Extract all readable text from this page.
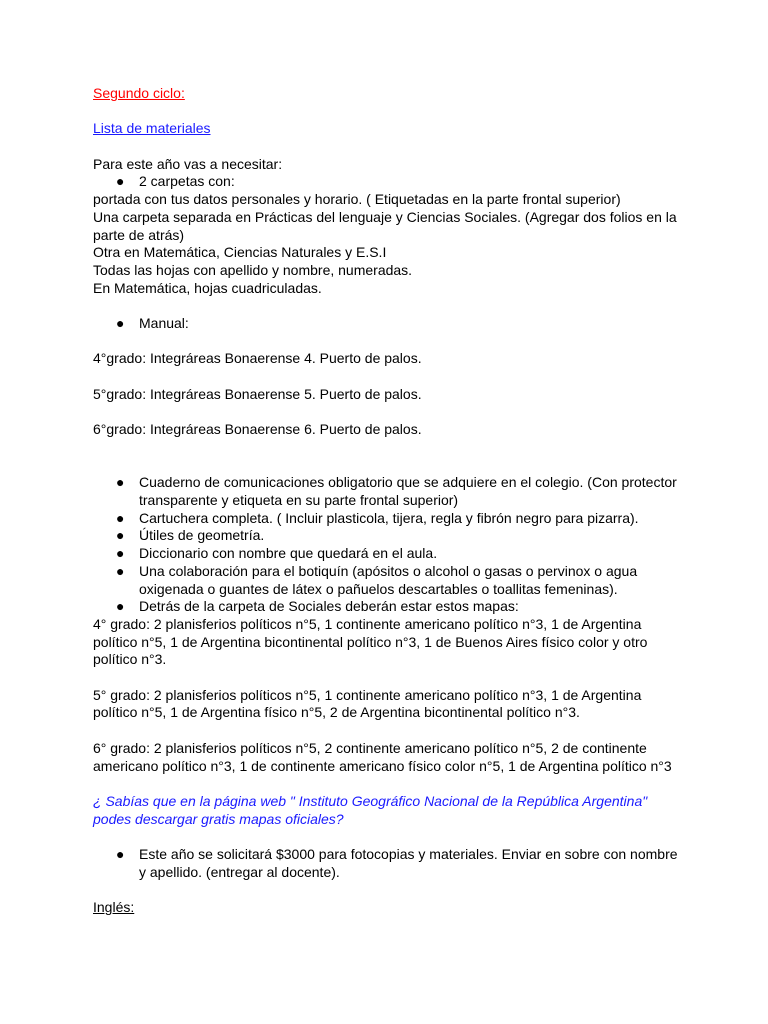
Segundo ciclo:

Lista de materiales

Para este año vas a necesitar:

● 2 carpetas con:

portada con tus datos personales y horario. ( Etiquetadas en la parte frontal superior)

Una carpeta separada en Prácticas del lenguaje y Ciencias Sociales. (Agregar dos folios en la parte de atrás)

Otra en Matemática, Ciencias Naturales y E.S.I

Todas las hojas con apellido y nombre, numeradas.

En Matemática, hojas cuadriculadas.

● Manual:

4°grado: Integráreas Bonaerense 4. Puerto de palos.

5°grado: Integráreas Bonaerense 5. Puerto de palos.

6°grado: Integráreas Bonaerense 6. Puerto de palos.

● Cuaderno de comunicaciones obligatorio que se adquiere en el colegio. (Con protector transparente y etiqueta en su parte frontal superior)
● Cartuchera completa. ( Incluir plasticola, tijera, regla y fibrón negro para pizarra).
● Útiles de geometría.
● Diccionario con nombre que quedará en el aula.
● Una colaboración para el botiquín (apósitos o alcohol o gasas o pervinox o agua oxigenada o guantes de látex o pañuelos descartables o toallitas femeninas).
● Detrás de la carpeta de Sociales deberán estar estos mapas:

4° grado: 2 planisferios políticos n°5, 1 continente americano político n°3, 1 de Argentina político n°5, 1 de Argentina bicontinental político n°3, 1 de Buenos Aires físico color y otro político n°3.

5° grado: 2 planisferios políticos n°5, 1 continente americano político n°3, 1 de Argentina político n°5, 1 de Argentina físico n°5, 2 de Argentina bicontinental político n°3.

6° grado: 2 planisferios políticos n°5, 2 continente americano político n°5, 2 de continente americano político n°3, 1 de continente americano físico color n°5, 1 de Argentina político n°3

¿ Sabías que en la página web " Instituto Geográfico Nacional de la República Argentina" podes descargar gratis mapas oficiales?

● Este año se solicitará $3000 para fotocopias y materiales. Enviar en sobre con nombre y apellido. (entregar al docente).

Inglés:
